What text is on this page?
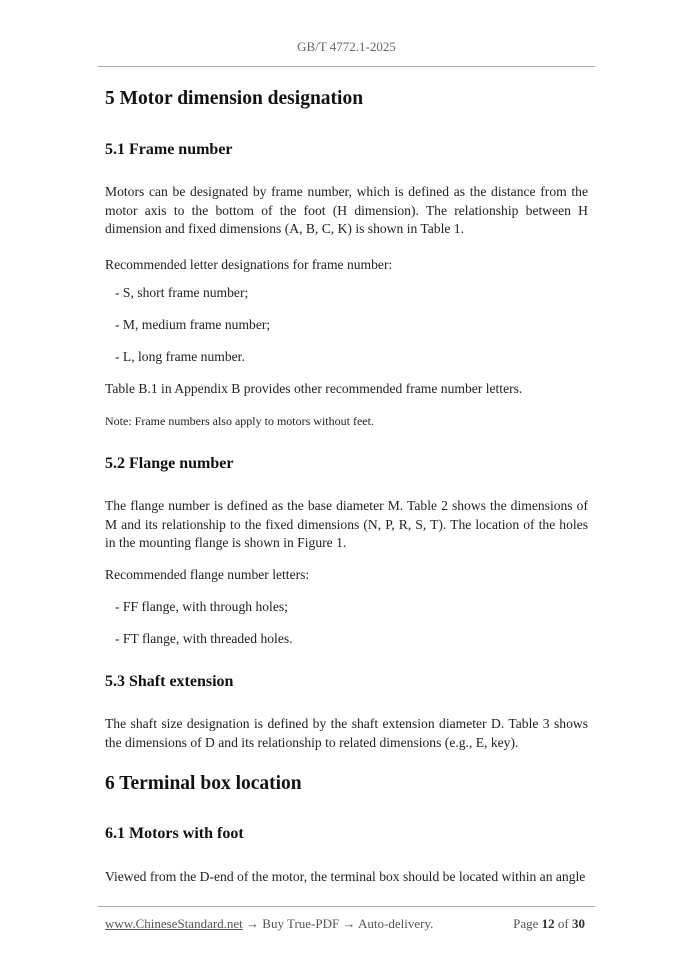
GB/T 4772.1-2025
5 Motor dimension designation
5.1 Frame number
Motors can be designated by frame number, which is defined as the distance from the motor axis to the bottom of the foot (H dimension). The relationship between H dimension and fixed dimensions (A, B, C, K) is shown in Table 1.
Recommended letter designations for frame number:
- S, short frame number;
- M, medium frame number;
- L, long frame number.
Table B.1 in Appendix B provides other recommended frame number letters.
Note: Frame numbers also apply to motors without feet.
5.2 Flange number
The flange number is defined as the base diameter M. Table 2 shows the dimensions of M and its relationship to the fixed dimensions (N, P, R, S, T). The location of the holes in the mounting flange is shown in Figure 1.
Recommended flange number letters:
- FF flange, with through holes;
- FT flange, with threaded holes.
5.3 Shaft extension
The shaft size designation is defined by the shaft extension diameter D. Table 3 shows the dimensions of D and its relationship to related dimensions (e.g., E, key).
6 Terminal box location
6.1 Motors with foot
Viewed from the D-end of the motor, the terminal box should be located within an angle
www.ChineseStandard.net → Buy True-PDF → Auto-delivery.	Page 12 of 30
